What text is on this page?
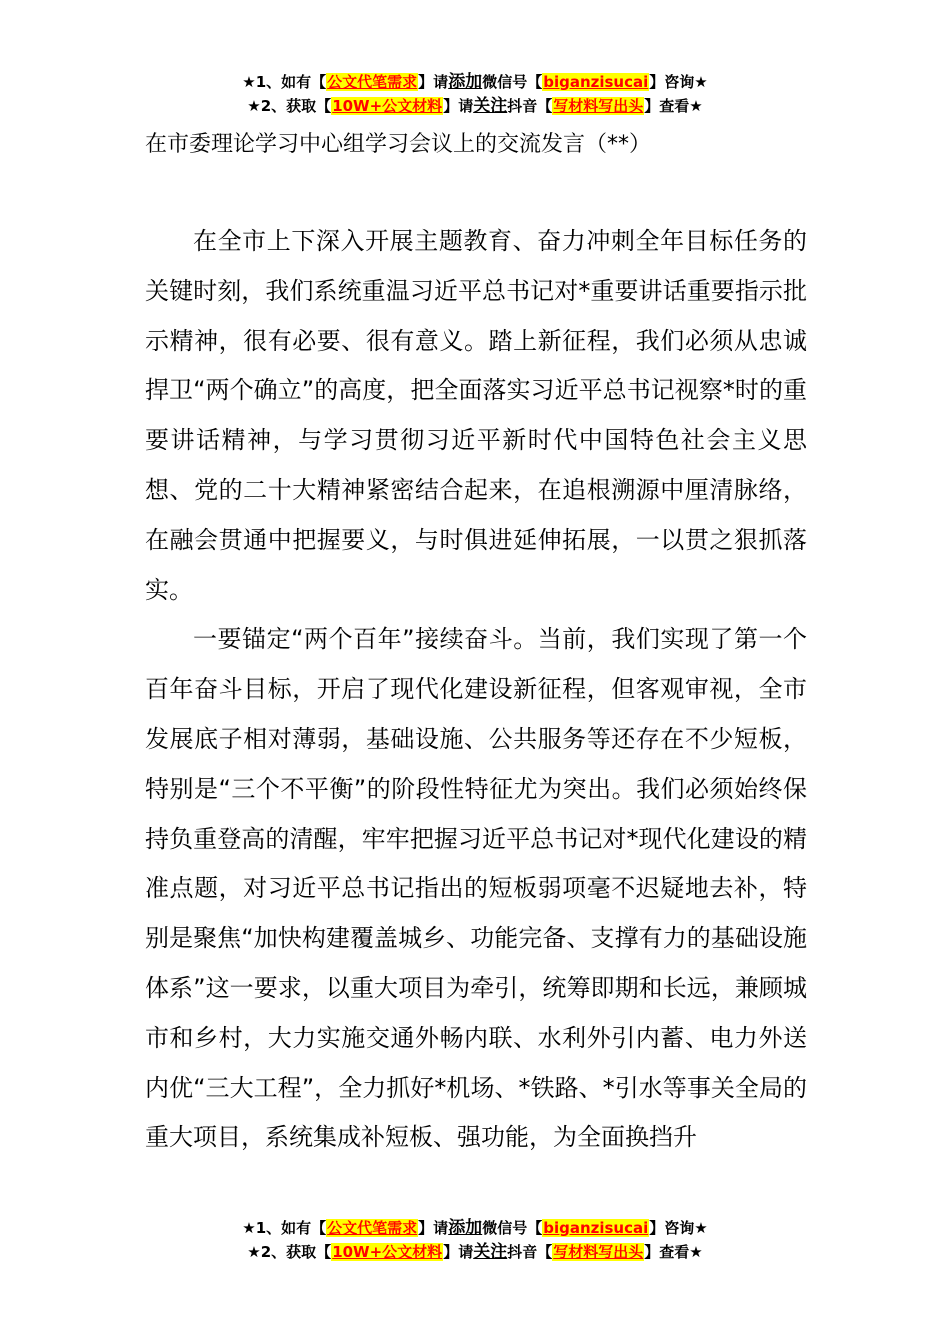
★1、如有【公文代笔需求】请添加微信号【biganzisucai】咨询★
★2、获取【10W+公文材料】请关注抖音【写材料写出头】查看★
在市委理论学习中心组学习会议上的交流发言（**）

在全市上下深入开展主题教育、奋力冲刺全年目标任务的关键时刻，我们系统重温习近平总书记对*重要讲话重要指示批示精神，很有必要、很有意义。踏上新征程，我们必须从忠诚捍卫“两个确立”的高度，把全面落实习近平总书记视察*时的重要讲话精神，与学习贯彻习近平新时代中国特色社会主义思想、党的二十大精神紧密结合起来，在追根溯源中厘清脉络，在融会贯通中把握要义，与时俱进延伸拓展，一以贯之狠抓落实。

一要锚定“两个百年”接续奋斗。当前，我们实现了第一个百年奋斗目标，开启了现代化建设新征程，但客观审视，全市发展底子相对薄弱，基础设施、公共服务等还存在不少短板，特别是“三个不平衡”的阶段性特征尤为突出。我们必须始终保持负重登高的清醒，牢牢把握习近平总书记对*现代化建设的精准点题，对习近平总书记指出的短板弱项毫不迟疑地去补，特别是聚焦“加快构建覆盖城乡、功能完备、支撑有力的基础设施体系”这一要求，以重大项目为牵引，统筹即期和长远，兼顾城市和乡村，大力实施交通外畅内联、水利外引内蓄、电力外送内优“三大工程”，全力抓好*机场、*铁路、*引水等事关全局的重大项目，系统集成补短板、强功能，为全面换挡升

★1、如有【公文代笔需求】请添加微信号【biganzisucai】咨询★
★2、获取【10W+公文材料】请关注抖音【写材料写出头】查看★
